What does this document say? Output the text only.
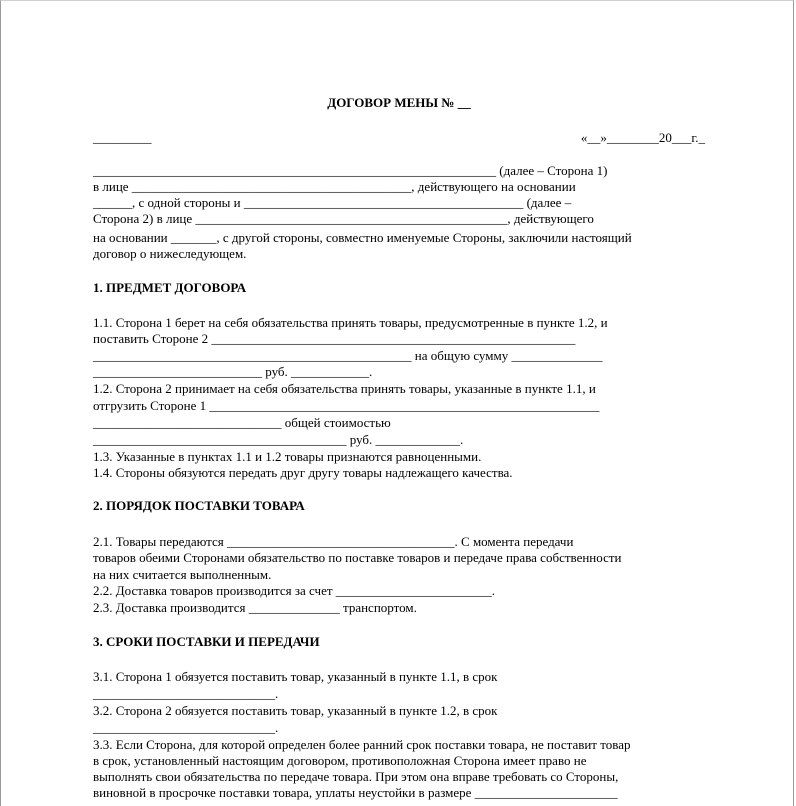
ДОГОВОР МЕНЫ № __
_________	«__»________20___г._
______________________________________________________________ (далее – Сторона 1)
в лице ___________________________________________, действующего на основании
______, с одной стороны и ___________________________________________ (далее –
Сторона 2) в лице ________________________________________________, действующего
на основании _______, с другой стороны, совместно именуемые Стороны, заключили настоящий
договор о нижеследующем.
1. ПРЕДМЕТ ДОГОВОРА
1.1. Сторона 1 берет на себя обязательства принять товары, предусмотренные в пункте 1.2, и
поставить Стороне 2 ________________________________________________________
_________________________________________________ на общую сумму ______________
__________________________ руб. ____________.
1.2. Сторона 2 принимает на себя обязательства принять товары, указанные в пункте 1.1, и
отгрузить Стороне 1 ____________________________________________________________
_____________________________ общей стоимостью
_______________________________________ руб. _____________.
1.3. Указанные в пунктах 1.1 и 1.2 товары признаются равноценными.
1.4. Стороны обязуются передать друг другу товары надлежащего качества.
2. ПОРЯДОК ПОСТАВКИ ТОВАРА
2.1. Товары передаются ___________________________________. С момента передачи
товаров обеими Сторонами обязательство по поставке товаров и передаче права собственности
на них считается выполненным.
2.2. Доставка товаров производится за счет ________________________.
2.3. Доставка производится ______________ транспортом.
3. СРОКИ ПОСТАВКИ И ПЕРЕДАЧИ
3.1. Сторона 1 обязуется поставить товар, указанный в пункте 1.1, в срок
____________________________.
3.2. Сторона 2 обязуется поставить товар, указанный в пункте 1.2, в срок
____________________________.
3.3. Если Сторона, для которой определен более ранний срок поставки товара, не поставит товар
в срок, установленный настоящим договором, противоположная Сторона имеет право не
выполнять свои обязательства по передаче товара. При этом она вправе требовать со Стороны,
виновной в просрочке поставки товара, уплаты неустойки в размере ______________________
